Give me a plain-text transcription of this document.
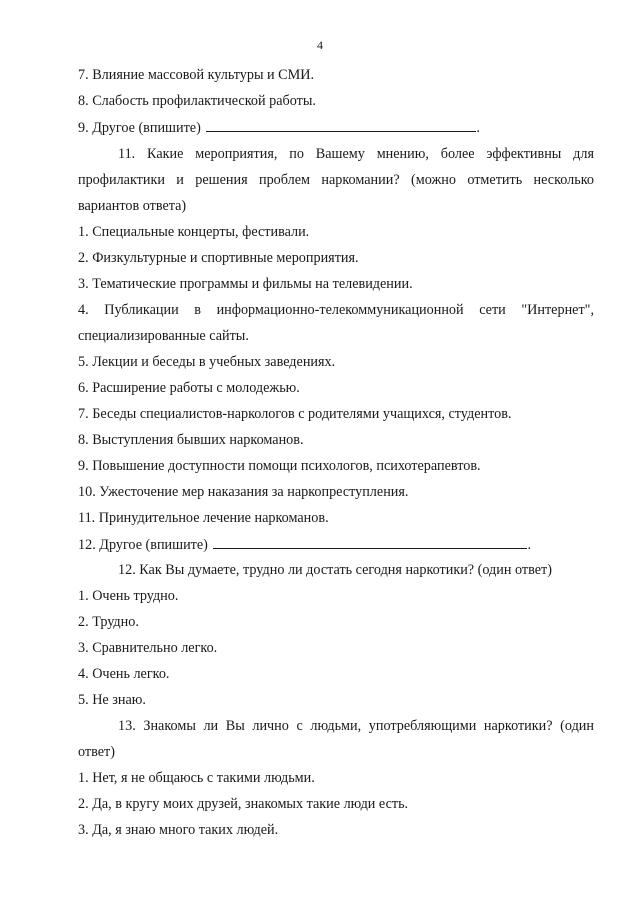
4
7. Влияние массовой культуры и СМИ.
8. Слабость профилактической работы.
9. Другое (впишите)	.
11. Какие мероприятия, по Вашему мнению, более эффективны для
профилактики и решения проблем наркомании? (можно отметить несколько
вариантов ответа)
1. Специальные концерты, фестивали.
2. Физкультурные и спортивные мероприятия.
3. Тематические программы и фильмы на телевидении.
4. Публикации в информационно-телекоммуникационной сети "Интернет",
специализированные сайты.
5. Лекции и беседы в учебных заведениях.
6. Расширение работы с молодежью.
7. Беседы специалистов-наркологов с родителями учащихся, студентов.
8. Выступления бывших наркоманов.
9. Повышение доступности помощи психологов, психотерапевтов.
10. Ужесточение мер наказания за наркопреступления.
11. Принудительное лечение наркоманов.
12. Другое (впишите)	.
12. Как Вы думаете, трудно ли достать сегодня наркотики? (один ответ)
1. Очень трудно.
2. Трудно.
3. Сравнительно легко.
4. Очень легко.
5. Не знаю.
13. Знакомы ли Вы лично с людьми, употребляющими наркотики? (один
ответ)
1. Нет, я не общаюсь с такими людьми.
2. Да, в кругу моих друзей, знакомых такие люди есть.
3. Да, я знаю много таких людей.
